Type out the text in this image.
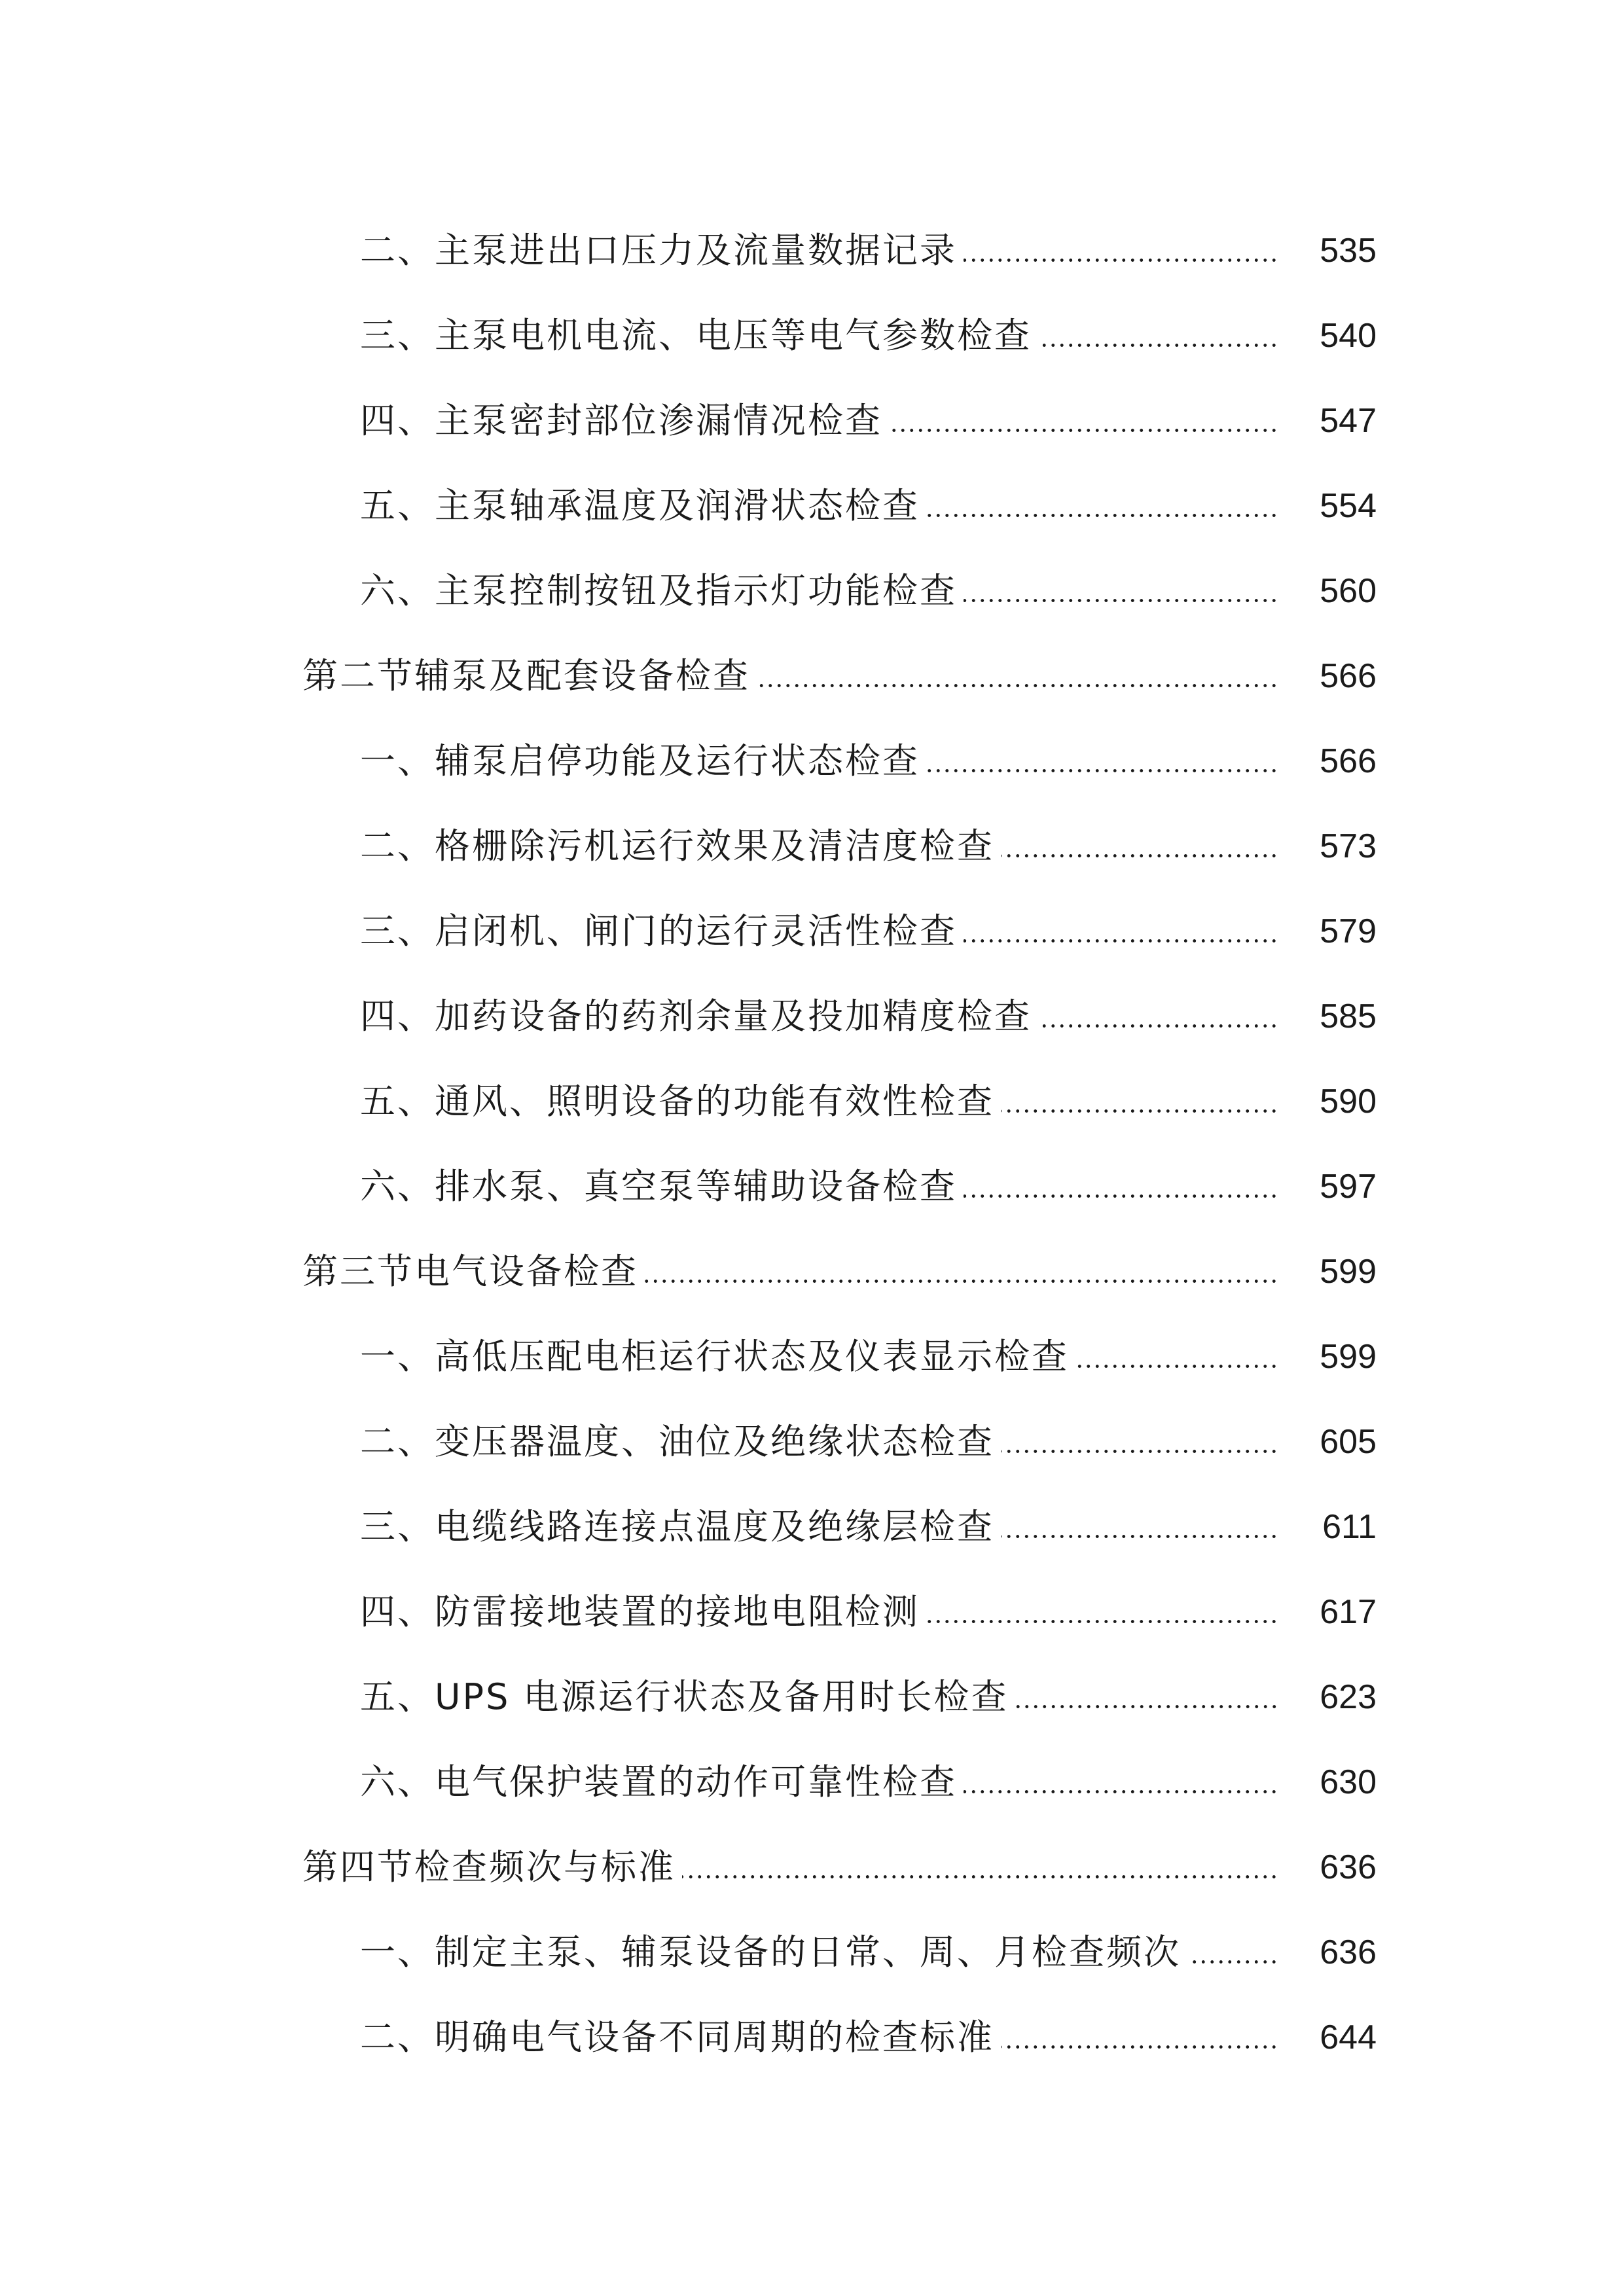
二、主泵进出口压力及流量数据记录	535
三、主泵电机电流、电压等电气参数检查	540
四、主泵密封部位渗漏情况检查	547
五、主泵轴承温度及润滑状态检查	554
六、主泵控制按钮及指示灯功能检查	560
第二节辅泵及配套设备检查	566
一、辅泵启停功能及运行状态检查	566
二、格栅除污机运行效果及清洁度检查	573
三、启闭机、闸门的运行灵活性检查	579
四、加药设备的药剂余量及投加精度检查	585
五、通风、照明设备的功能有效性检查	590
六、排水泵、真空泵等辅助设备检查	597
第三节电气设备检查	599
一、高低压配电柜运行状态及仪表显示检查	599
二、变压器温度、油位及绝缘状态检查	605
三、电缆线路连接点温度及绝缘层检查	611
四、防雷接地装置的接地电阻检测	617
五、UPS 电源运行状态及备用时长检查	623
六、电气保护装置的动作可靠性检查	630
第四节检查频次与标准	636
一、制定主泵、辅泵设备的日常、周、月检查频次	636
二、明确电气设备不同周期的检查标准	644
